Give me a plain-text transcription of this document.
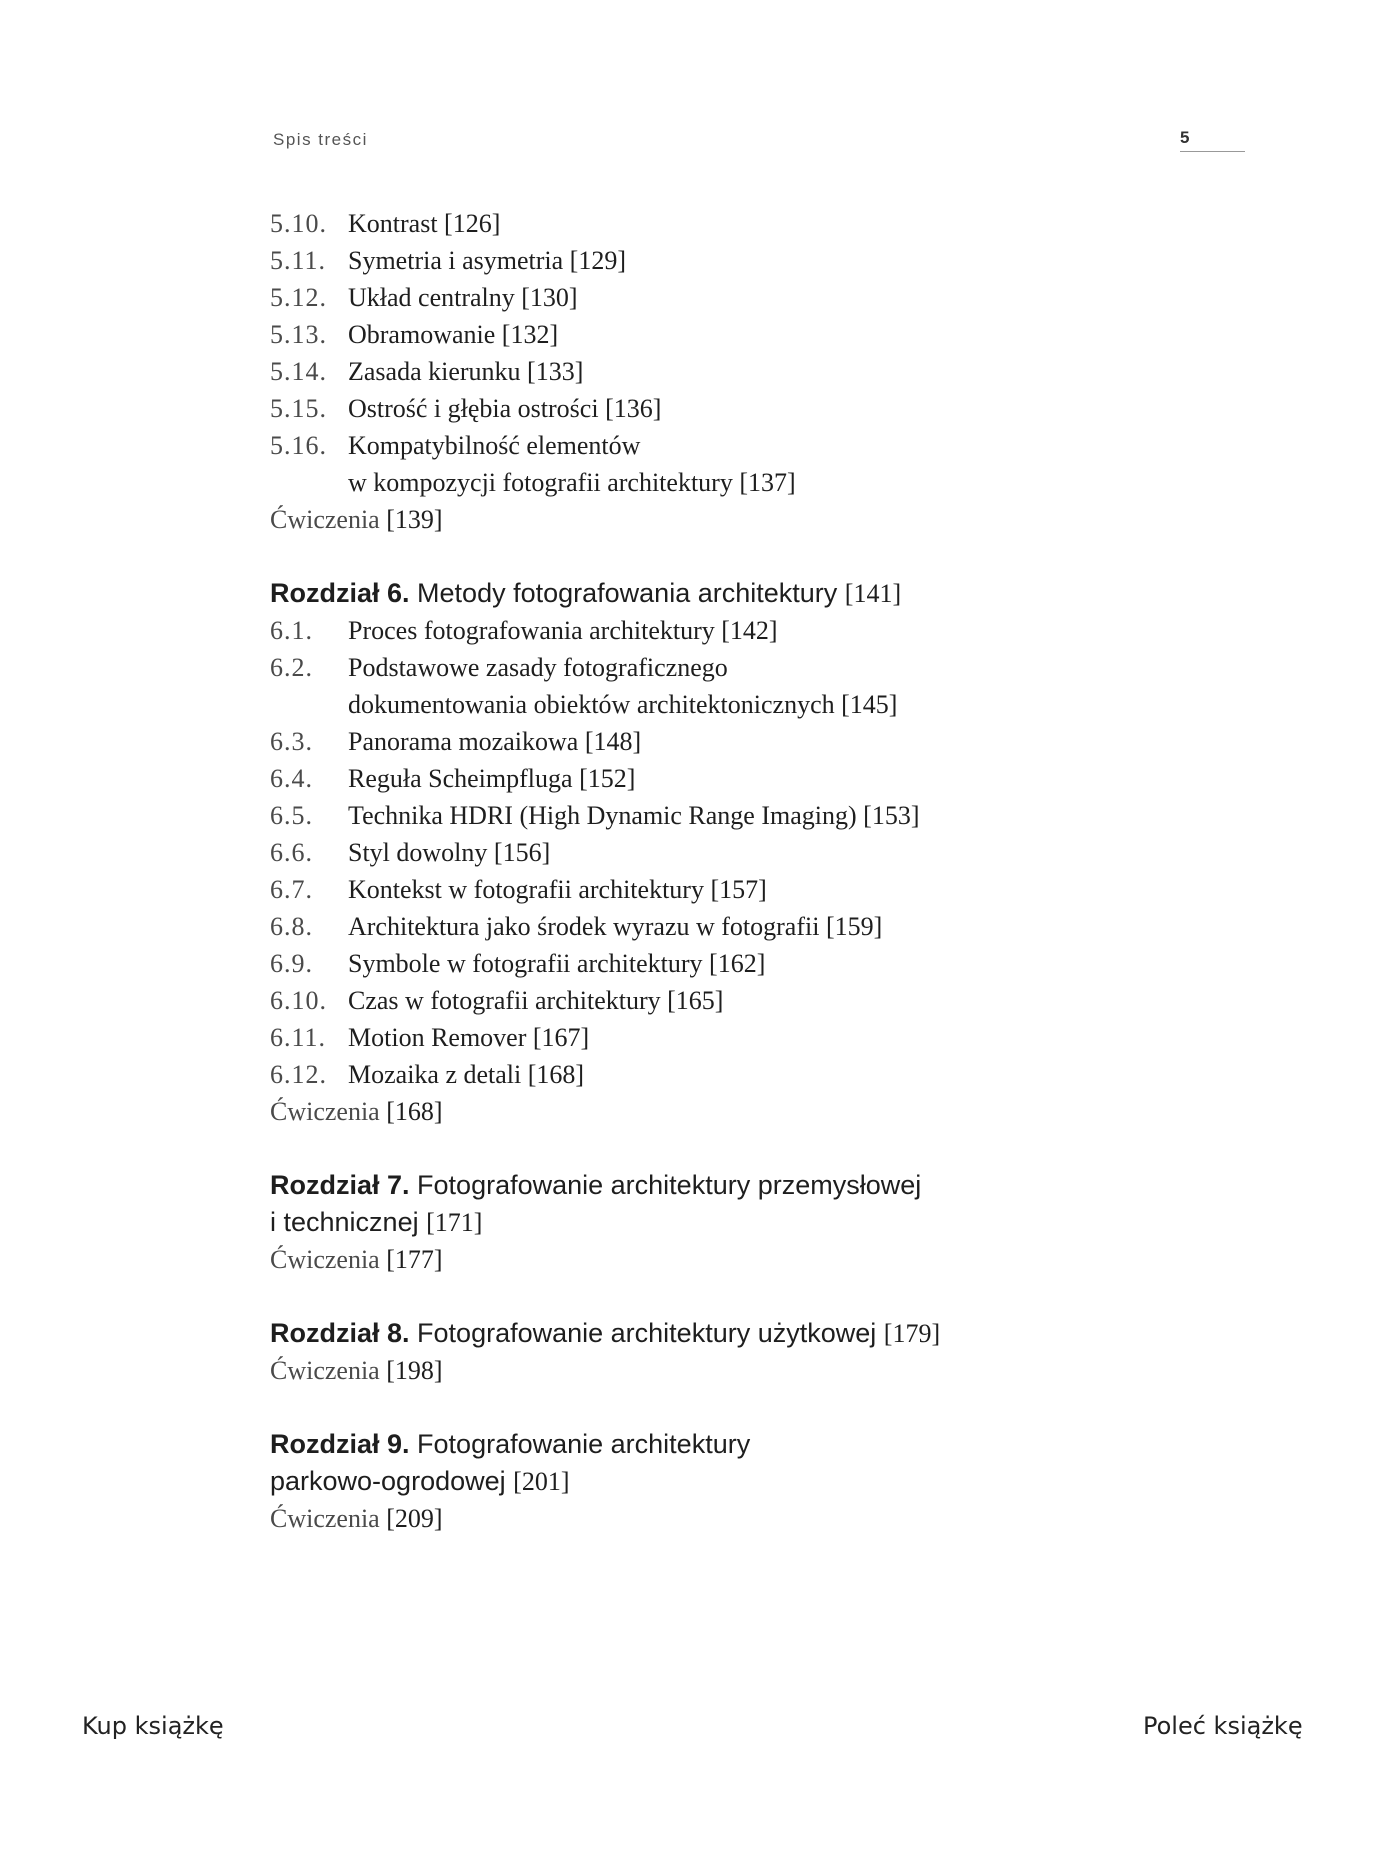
Spis treści	5
5.10. Kontrast [126]
5.11. Symetria i asymetria [129]
5.12. Układ centralny [130]
5.13. Obramowanie [132]
5.14. Zasada kierunku [133]
5.15. Ostrość i głębia ostrości [136]
5.16. Kompatybilność elementów
w kompozycji fotografii architektury [137]
Ćwiczenia [139]
Rozdział 6. Metody fotografowania architektury [141]
6.1.	Proces fotografowania architektury [142]
6.2.	Podstawowe zasady fotograficznego
dokumentowania obiektów architektonicznych [145]
6.3.	Panorama mozaikowa [148]
6.4.	Reguła Scheimpfluga [152]
6.5.	Technika HDRI (High Dynamic Range Imaging) [153]
6.6.	Styl dowolny [156]
6.7.	Kontekst w fotografii architektury [157]
6.8.	Architektura jako środek wyrazu w fotografii [159]
6.9.	Symbole w fotografii architektury [162]
6.10. Czas w fotografii architektury [165]
6.11. Motion Remover [167]
6.12. Mozaika z detali [168]
Ćwiczenia [168]
Rozdział 7. Fotografowanie architektury przemysłowej
i technicznej [171]
Ćwiczenia [177]
Rozdział 8. Fotografowanie architektury użytkowej [179]
Ćwiczenia [198]
Rozdział 9. Fotografowanie architektury
parkowo-ogrodowej [201]
Ćwiczenia [209]
Kup książkę	Poleć książkę
